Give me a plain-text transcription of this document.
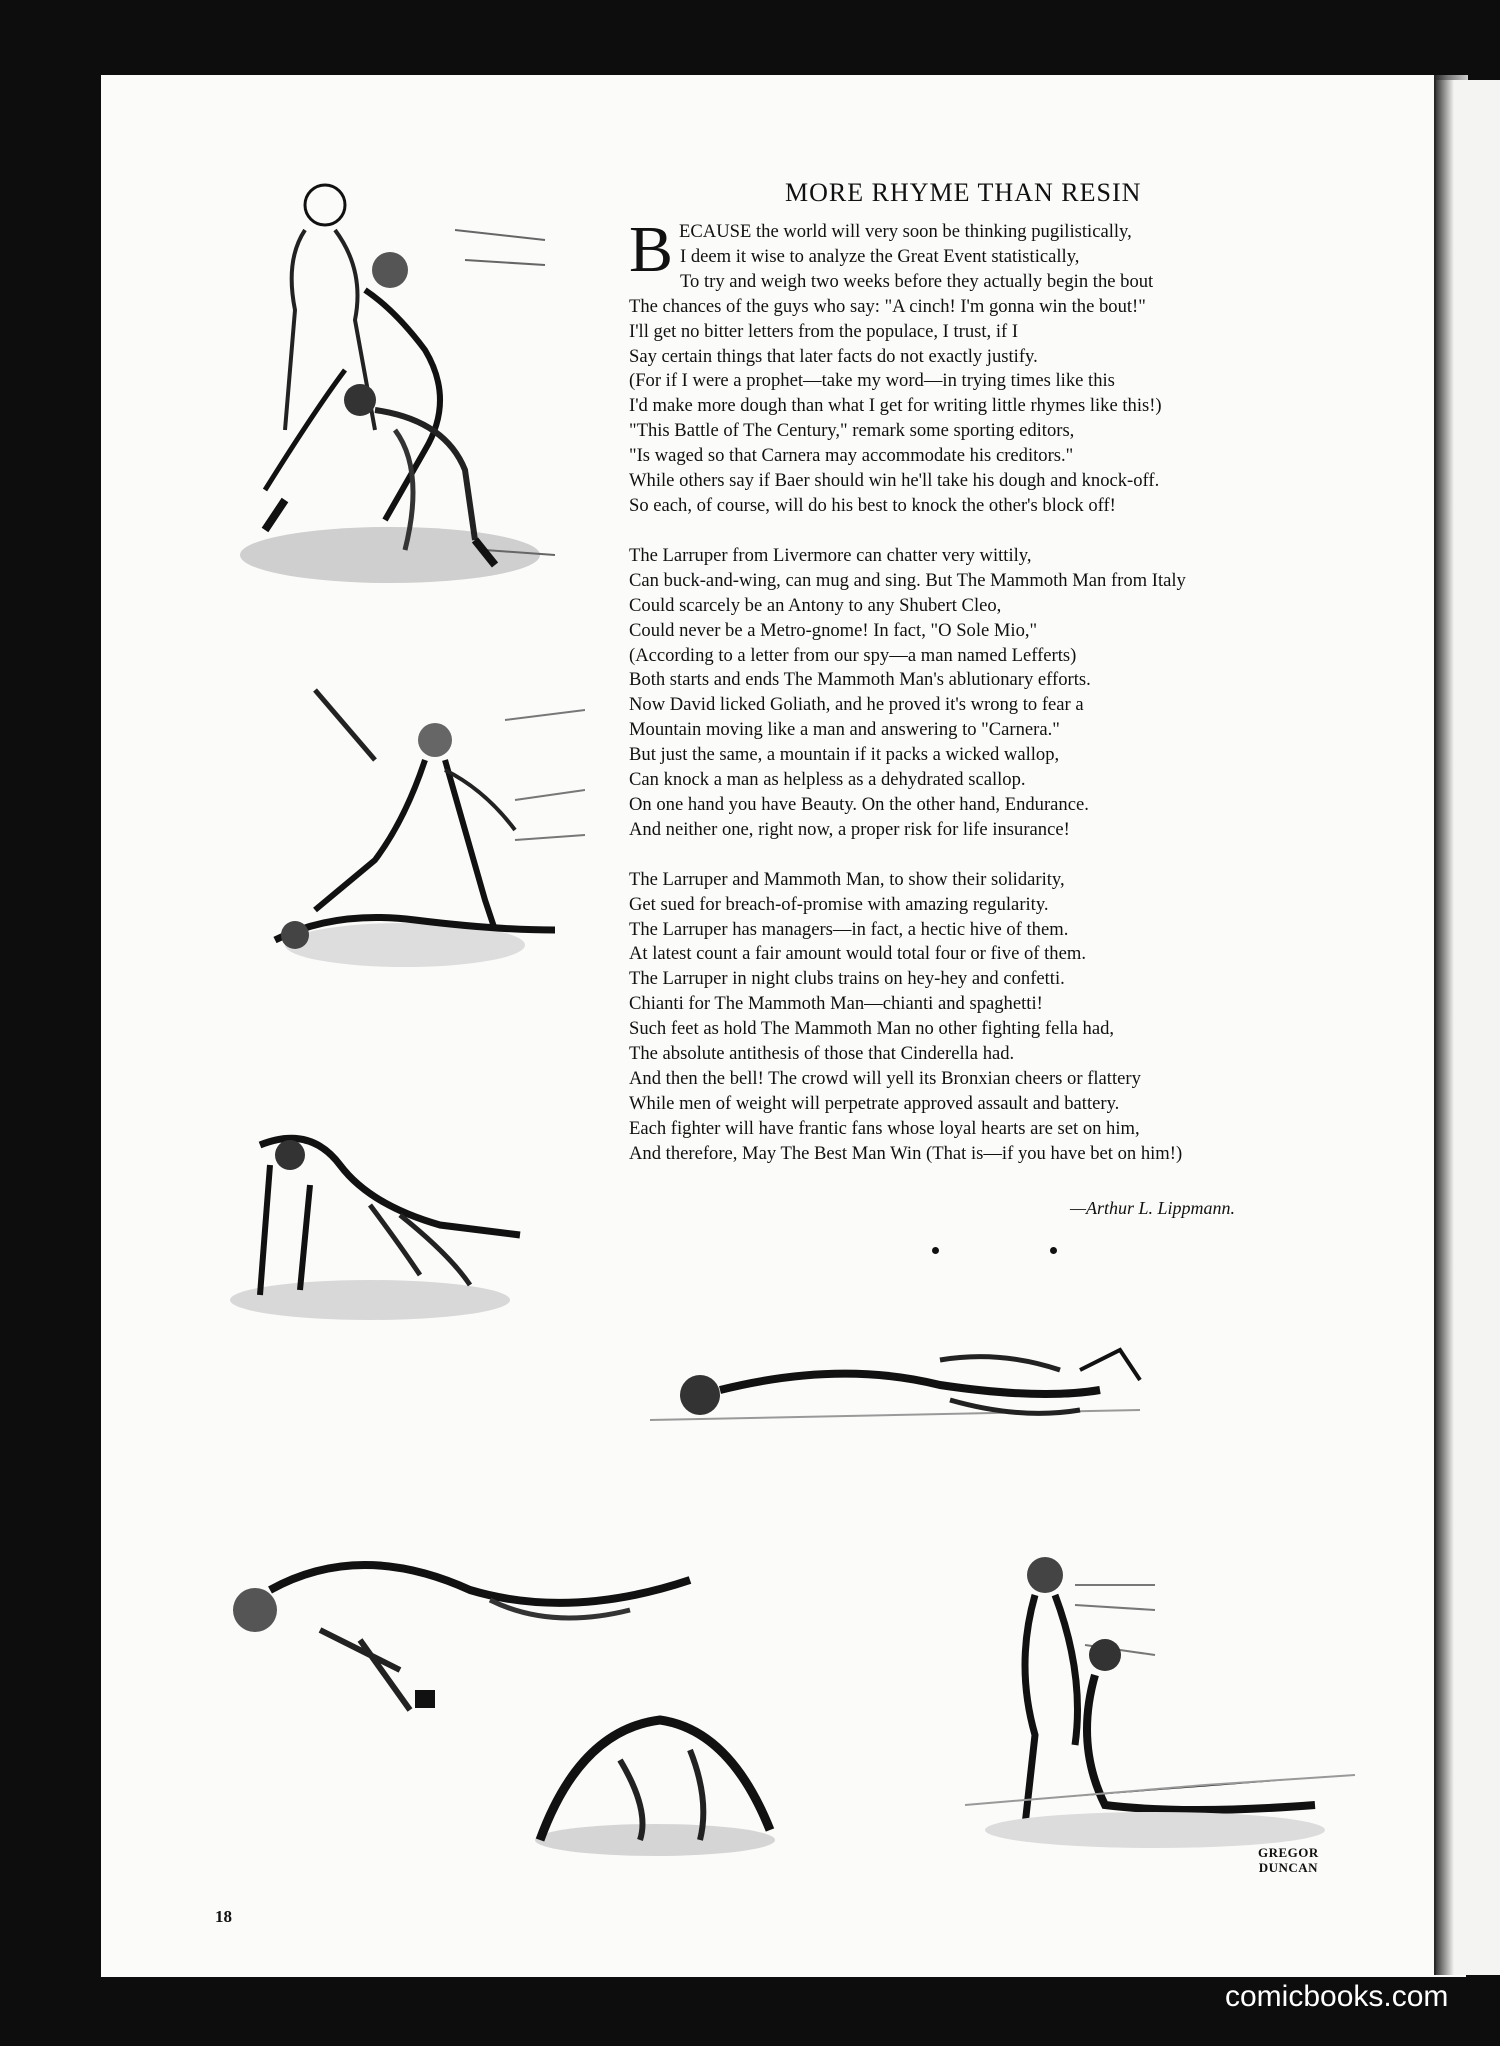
MORE RHYME THAN RESIN
B ECAUSE the world will very soon be thinking pugilistically,
I deem it wise to analyze the Great Event statistically,
To try and weigh two weeks before they actually begin the bout
The chances of the guys who say: "A cinch! I'm gonna win the bout!"
I'll get no bitter letters from the populace, I trust, if I
Say certain things that later facts do not exactly justify.
(For if I were a prophet—take my word—in trying times like this
I'd make more dough than what I get for writing little rhymes like this!)
"This Battle of The Century," remark some sporting editors,
"Is waged so that Carnera may accommodate his creditors."
While others say if Baer should win he'll take his dough and knock-off.
So each, of course, will do his best to knock the other's block off!
The Larruper from Livermore can chatter very wittily,
Can buck-and-wing, can mug and sing. But The Mammoth Man from Italy
Could scarcely be an Antony to any Shubert Cleo,
Could never be a Metro-gnome! In fact, "O Sole Mio,"
(According to a letter from our spy—a man named Lefferts)
Both starts and ends The Mammoth Man's ablutionary efforts.
Now David licked Goliath, and he proved it's wrong to fear a
Mountain moving like a man and answering to "Carnera."
But just the same, a mountain if it packs a wicked wallop,
Can knock a man as helpless as a dehydrated scallop.
On one hand you have Beauty. On the other hand, Endurance.
And neither one, right now, a proper risk for life insurance!
The Larruper and Mammoth Man, to show their solidarity,
Get sued for breach-of-promise with amazing regularity.
The Larruper has managers—in fact, a hectic hive of them.
At latest count a fair amount would total four or five of them.
The Larruper in night clubs trains on hey-hey and confetti.
Chianti for The Mammoth Man—chianti and spaghetti!
Such feet as hold The Mammoth Man no other fighting fella had,
The absolute antithesis of those that Cinderella had.
And then the bell! The crowd will yell its Bronxian cheers or flattery
While men of weight will perpetrate approved assault and battery.
Each fighter will have frantic fans whose loyal hearts are set on him,
And therefore, May The Best Man Win (That is—if you have bet on him!)
—Arthur L. Lippmann.
18
GREGOR
DUNCAN
comicbooks.com
